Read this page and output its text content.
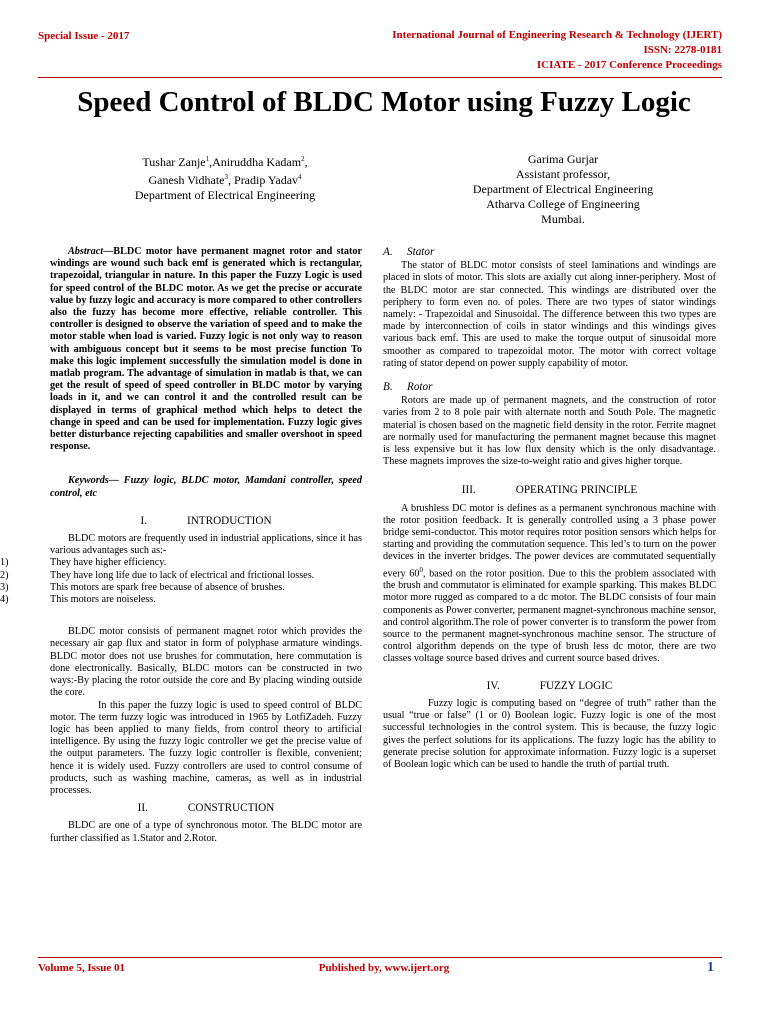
Special Issue - 2017	International Journal of Engineering Research & Technology (IJERT)
ISSN: 2278-0181
ICIATE - 2017 Conference Proceedings
Speed Control of BLDC Motor using Fuzzy Logic
Tushar Zanje$^1$,Aniruddha Kadam$^2$,
Ganesh Vidhate$^3$, Pradip Yadav$^4$
Department of Electrical Engineering
Garima Gurjar
Assistant professor,
Department of Electrical Engineering
Atharva College of Engineering
Mumbai.

Abstract—BLDC motor have permanent magnet rotor and stator windings are wound such back emf is generated which is rectangular, trapezoidal, triangular in nature. In this paper the Fuzzy Logic is used for speed control of the BLDC motor. As we get the precise or accurate value by fuzzy logic and accuracy is more compared to other controllers also the fuzzy has become more effective, reliable controller. This controller is designed to observe the variation of speed and to make the motor stable when load is varied. Fuzzy logic is not only way to reason with ambiguous concept but it seems to be most precise function To make this logic implement successfully the simulation model is done in matlab program. The advantage of simulation in matlab is that, we can get the result of speed of speed controller in BLDC motor by varying loads in it, and we can control it and the controlled result can be displayed in terms of graphical method which helps to detect the change in speed and can be used for implementation. Fuzzy logic gives better disturbance rejecting capabilities and smaller overshoot in speed response.

Keywords— Fuzzy logic, BLDC motor, Mamdani controller, speed control, etc

I.	INTRODUCTION

BLDC motors are frequently used in industrial applications, since it has various advantages such as:-

1)	They have higher efficiency.
2)	They have long life due to lack of electrical and frictional losses.
3)	This motors are spark free because of absence of brushes.
4)	This motors are noiseless.

BLDC motor consists of permanent magnet rotor which provides the necessary air gap flux and stator in form of polyphase armature windings. BLDC motor does not use brushes for commutation, here commutation is done electronically. Basically, BLDC motors can be constructed in two ways:-By placing the rotor outside the core and By placing winding outside the core.

In this paper the fuzzy logic is used to speed control of BLDC motor. The term fuzzy logic was introduced in 1965 by LotfiZadeh. Fuzzy logic has been applied to many fields, from control theory to artificial intelligence. By using the fuzzy logic controller we get the precise value of the output parameters. The fuzzy logic controller is flexible, convenient; hence it is widely used. Fuzzy controllers are used to control consume of products, such as washing machine, cameras, as well as in industrial processes.

II.	CONSTRUCTION

BLDC are one of a type of synchronous motor. The BLDC motor are further classified as 1.Stator and 2.Rotor.

A. Stator

The stator of BLDC motor consists of steel laminations and windings are placed in slots of motor. This slots are axially cut along inner-periphery. Most of the BLDC motor are star connected. This windings are distributed over the periphery to form even no. of poles. There are two types of stator windings namely: - Trapezoidal and Sinusoidal. The difference between this two types are made by interconnection of coils in stator windings and this windings gives various back emf. This are used to make the torque output of sinusoidal more smoother as compared to trapezoidal motor. The motor with correct voltage rating of stator depend on power supply capability of motor.

B. Rotor

Rotors are made up of permanent magnets, and the construction of rotor varies from 2 to 8 pole pair with alternate north and South Pole. The magnetic material is chosen based on the magnetic field density in the rotor. Ferrite magnet are normally used for manufacturing the permanent magnet because this magnet is less expensive but it has low flux density which is the only disadvantage. These magnets improves the size-to-weight ratio and gives higher torque.

III.	OPERATING PRINCIPLE

A brushless DC motor is defines as a permanent synchronous machine with the rotor position feedback. It is generally controlled using a 3 phase power bridge semi-conductor. This motor requires rotor position sensors which helps for starting and providing the commutation sequence. This led’s to turn on the power devices in the inverter bridges. The power devices are commutated sequentially every $60^0$, based on the rotor position. Due to this the problem associated with the brush and commutator is eliminated for example sparking. This makes BLDC motor more rugged as compared to a dc motor. The BLDC consists of four main components as Power converter, permanent magnet-synchronous machine sensor, and control algorithm.The role of power converter is to transform the power from source to the permanent magnet-synchronous machine sensor. The structure of control algorithm depends on the type of brush less dc motor, there are two classes voltage source based drives and current source based drives.

IV.	FUZZY LOGIC

Fuzzy logic is computing based on “degree of truth” rather than the usual “true or false” (1 or 0) Boolean logic. Fuzzy logic is one of the most successful technologies in the control system. This is because, the fuzzy logic gives the perfect solutions for its applications. The fuzzy logic has the ability to generate precise solution for approximate information. Fuzzy logic is a superset of Boolean logic which can be used to handle the truth of partial truth.

Volume 5, Issue 01	Published by, www.ijert.org	1
